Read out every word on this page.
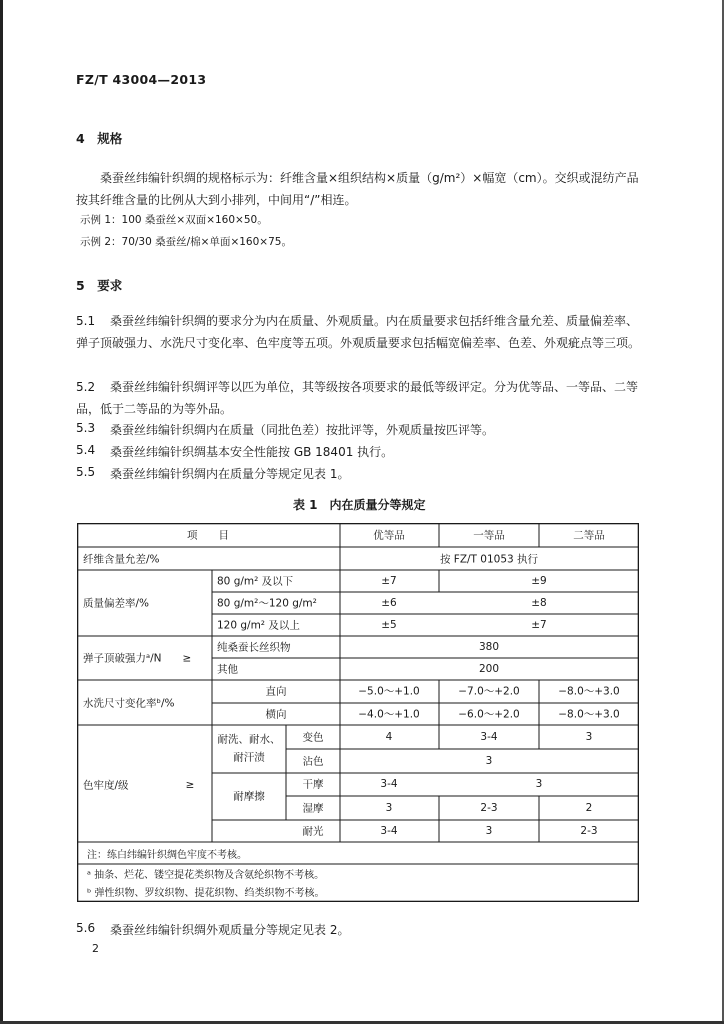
FZ/T 43004—2013
4　规格
桑蚕丝纬编针织绸的规格标示为：纤维含量×组织结构×质量（g/m²）×幅宽（cm）。交织或混纺产品按其纤维含量的比例从大到小排列，中间用“/”相连。
示例 1：100 桑蚕丝×双面×160×50。
示例 2：70/30 桑蚕丝/棉×单面×160×75。
5　要求
5.1	桑蚕丝纬编针织绸的要求分为内在质量、外观质量。内在质量要求包括纤维含量允差、质量偏差率、弹子顶破强力、水洗尺寸变化率、色牢度等五项。外观质量要求包括幅宽偏差率、色差、外观疵点等三项。
5.2	桑蚕丝纬编针织绸评等以匹为单位，其等级按各项要求的最低等级评定。分为优等品、一等品、二等品，低于二等品的为等外品。
5.3 桑蚕丝纬编针织绸内在质量（同批色差）按批评等，外观质量按匹评等。
5.4 桑蚕丝纬编针织绸基本安全性能按 GB 18401 执行。
5.5 桑蚕丝纬编针织绸内在质量分等规定见表 1。
表 1　内在质量分等规定
项　　目	优等品	一等品	二等品
纤维含量允差/%	按 FZ/T 01053 执行
质量偏差率/%
80 g/m² 及以下	±7	±9
80 g/m²～120 g/m²	±6	±8
120 g/m² 及以上	±5	±7
弹子顶破强力ᵃ/N　　≥
纯桑蚕长丝织物	380
其他	200
水洗尺寸变化率ᵇ/%
直向	−5.0～+1.0	−7.0～+2.0	−8.0～+3.0
横向	−4.0～+1.0	−6.0～+2.0	−8.0～+3.0
色牢度/级	≥
耐洗、耐水、
耐汗渍
变色	4	3-4	3
沾色	3
耐摩擦
干摩	3-4	3
湿摩	3	2-3	2
耐光	3-4	3	2-3
注：练白纬编针织绸色牢度不考核。
ᵃ 抽条、烂花、镂空提花类织物及含氨纶织物不考核。
ᵇ 弹性织物、罗纹织物、提花织物、绉类织物不考核。
5.6 桑蚕丝纬编针织绸外观质量分等规定见表 2。
2
